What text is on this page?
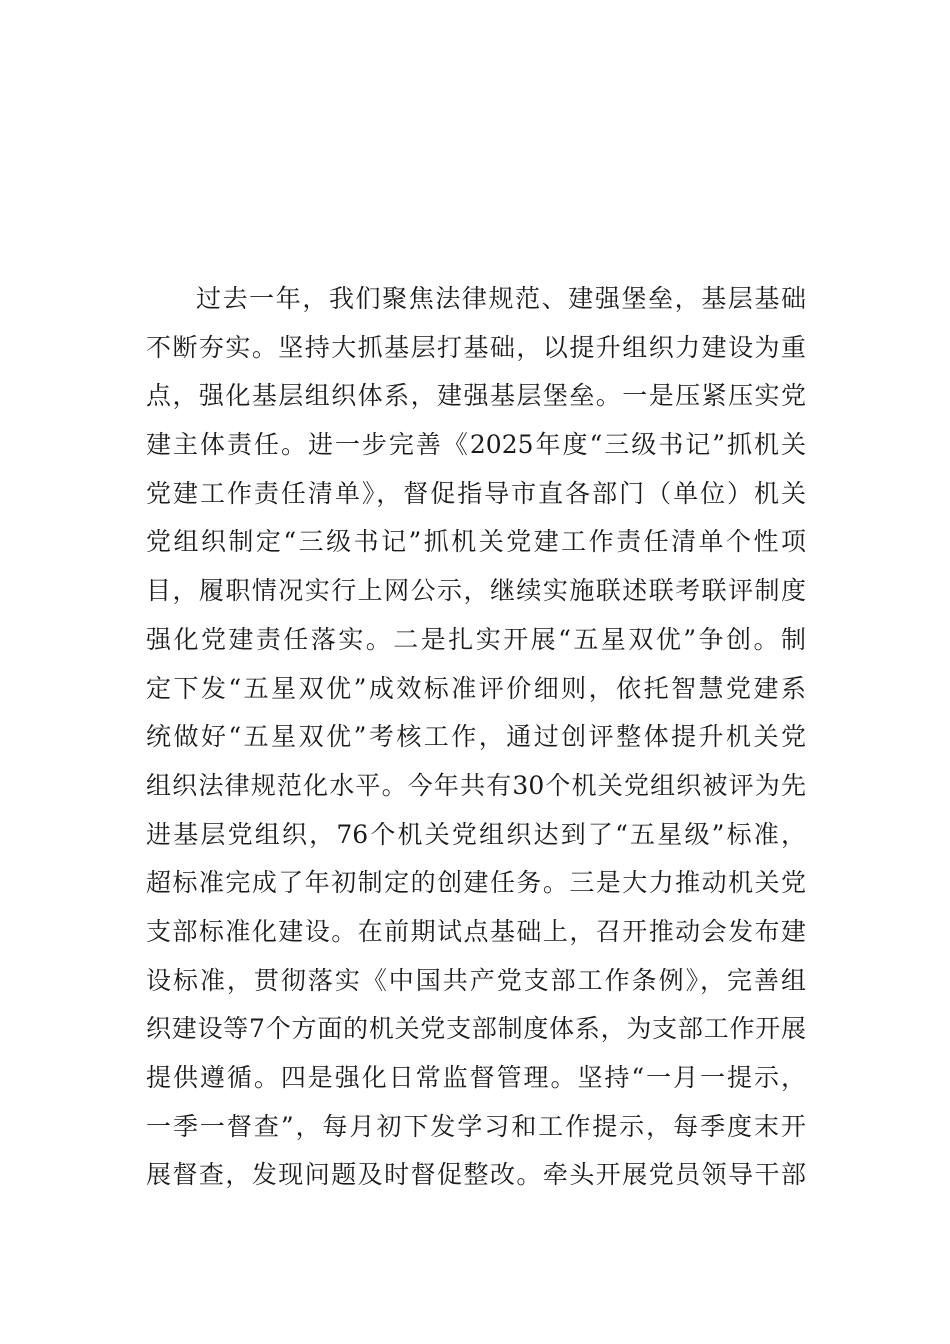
过去一年，我们聚焦法律规范、建强堡垒，基层基础
不断夯实。坚持大抓基层打基础，以提升组织力建设为重
点，强化基层组织体系，建强基层堡垒。一是压紧压实党
建主体责任。进一步完善《2025年度“三级书记”抓机关
党建工作责任清单》，督促指导市直各部门（单位）机关
党组织制定“三级书记”抓机关党建工作责任清单个性项
目，履职情况实行上网公示，继续实施联述联考联评制度
强化党建责任落实。二是扎实开展“五星双优”争创。制
定下发“五星双优”成效标准评价细则，依托智慧党建系
统做好“五星双优”考核工作，通过创评整体提升机关党
组织法律规范化水平。今年共有30个机关党组织被评为先
进基层党组织，76个机关党组织达到了“五星级”标准，
超标准完成了年初制定的创建任务。三是大力推动机关党
支部标准化建设。在前期试点基础上，召开推动会发布建
设标准，贯彻落实《中国共产党支部工作条例》，完善组
织建设等7个方面的机关党支部制度体系，为支部工作开展
提供遵循。四是强化日常监督管理。坚持“一月一提示，
一季一督查”，每月初下发学习和工作提示，每季度末开
展督查，发现问题及时督促整改。牵头开展党员领导干部
